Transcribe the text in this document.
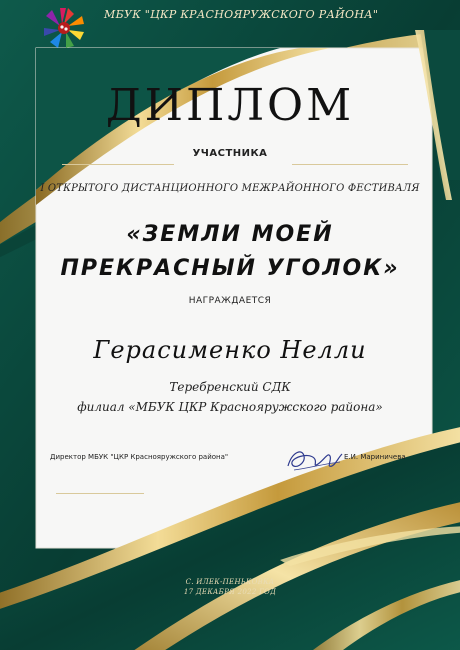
МБУК "ЦКР КРАСНОЯРУЖСКОГО РАЙОНА"
ДИПЛОМ
УЧАСТНИКА
I ОТКРЫТОГО ДИСТАНЦИОННОГО МЕЖРАЙОННОГО ФЕСТИВАЛЯ
«ЗЕМЛИ МОЕЙ
ПРЕКРАСНЫЙ УГОЛОК»
НАГРАЖДАЕТСЯ
Герасименко Нелли
Теребренский СДК
филиал «МБУК ЦКР Краснояружского района»
Директор МБУК "ЦКР Краснояружского района"	Е.И. Мариничева
С. ИЛЕК-ПЕНЬКОВКА
17 ДЕКАБРЯ 2022 ГОД
